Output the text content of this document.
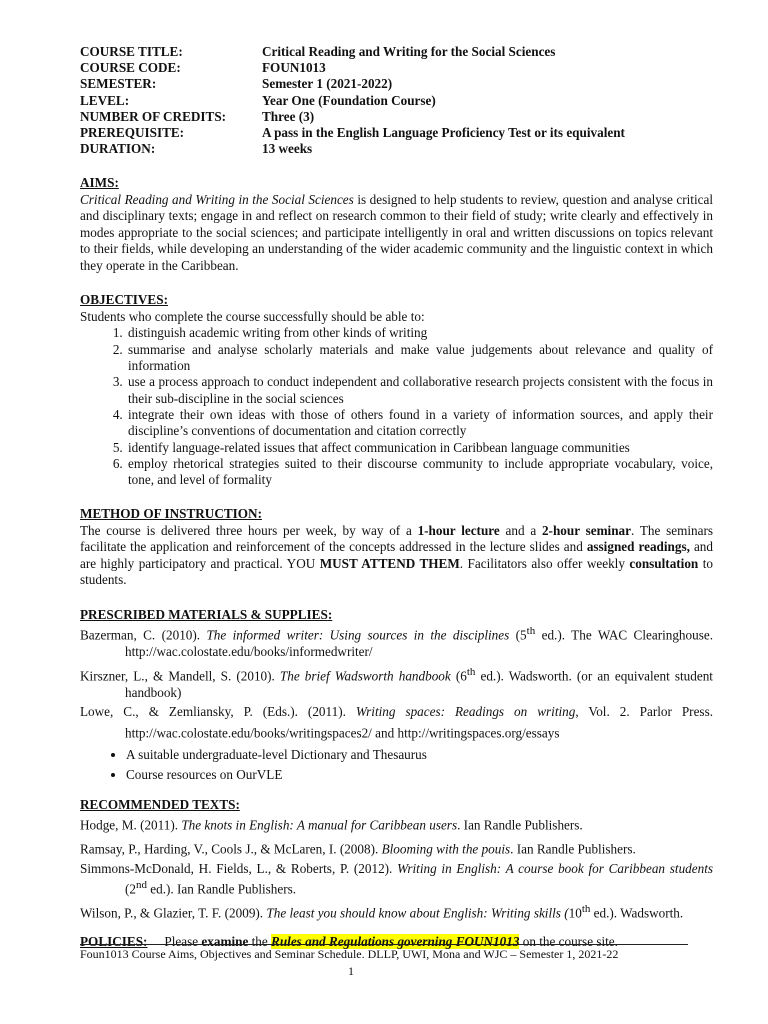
COURSE TITLE:	Critical Reading and Writing for the Social Sciences
COURSE CODE:	FOUN1013
SEMESTER:	Semester 1 (2021-2022)
LEVEL:	Year One (Foundation Course)
NUMBER OF CREDITS:	Three (3)
PREREQUISITE:	A pass in the English Language Proficiency Test or its equivalent
DURATION:	13 weeks
AIMS:

Critical Reading and Writing in the Social Sciences is designed to help students to review, question and analyse critical and disciplinary texts; engage in and reflect on research common to their field of study; write clearly and effectively in modes appropriate to the social sciences; and participate intelligently in oral and written discussions on topics relevant to their fields, while developing an understanding of the wider academic community and the linguistic context in which they operate in the Caribbean.

OBJECTIVES:

Students who complete the course successfully should be able to:

1. distinguish academic writing from other kinds of writing
2. summarise and analyse scholarly materials and make value judgements about relevance and quality of information
3. use a process approach to conduct independent and collaborative research projects consistent with the focus in their sub-discipline in the social sciences
4. integrate their own ideas with those of others found in a variety of information sources, and apply their discipline’s conventions of documentation and citation correctly
5. identify language-related issues that affect communication in Caribbean language communities
6. employ rhetorical strategies suited to their discourse community to include appropriate vocabulary, voice, tone, and level of formality
METHOD OF INSTRUCTION:

The course is delivered three hours per week, by way of a 1-hour lecture and a 2-hour seminar. The seminars facilitate the application and reinforcement of the concepts addressed in the lecture slides and assigned readings, and are highly participatory and practical. YOU MUST ATTEND THEM. Facilitators also offer weekly consultation to students.

PRESCRIBED MATERIALS & SUPPLIES:
Bazerman, C. (2010). The informed writer: Using sources in the disciplines (5th ed.). The WAC Clearinghouse. http://wac.colostate.edu/books/informedwriter/
Kirszner, L., & Mandell, S. (2010). The brief Wadsworth handbook (6th ed.). Wadsworth. (or an equivalent student handbook)
Lowe, C., & Zemliansky, P. (Eds.). (2011). Writing spaces: Readings on writing, Vol. 2. Parlor Press. http://wac.colostate.edu/books/writingspaces2/ and http://writingspaces.org/essays
• A suitable undergraduate-level Dictionary and Thesaurus
• Course resources on OurVLE
RECOMMENDED TEXTS:
Hodge, M. (2011). The knots in English: A manual for Caribbean users. Ian Randle Publishers.
Ramsay, P., Harding, V., Cools J., & McLaren, I. (2008). Blooming with the pouis. Ian Randle Publishers.
Simmons-McDonald, H. Fields, L., & Roberts, P. (2012). Writing in English: A course book for Caribbean students (2nd ed.). Ian Randle Publishers.
Wilson, P., & Glazier, T. F. (2009). The least you should know about English: Writing skills (10th ed.). Wadsworth.
POLICIES: Please examine the Rules and Regulations governing FOUN1013 on the course site.
Foun1013 Course Aims, Objectives and Seminar Schedule. DLLP, UWI, Mona and WJC – Semester 1, 2021-22
1
